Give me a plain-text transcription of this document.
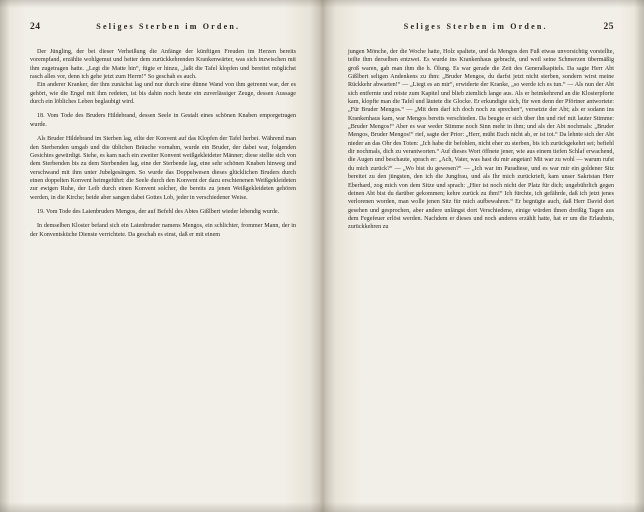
24	Seliges Sterben im Orden.

Der Jüngling, der bei dieser Verheißung die Anfänge der künftigen Freuden im Herzen bereits vorempfand, erzählte wohlgemut und heiter dem zurückkehrenden Krankenwärter, was sich inzwischen mit ihm zugetragen hatte. „Legt die Matte hin“, fügte er hinzu, „laßt die Tafel klopfen und bereitet möglichst rasch alles vor, denn ich gehe jetzt zum Herrn!“ So geschah es auch.

Ein anderer Kranker, der ihm zunächst lag und nur durch eine dünne Wand von ihm getrennt war, der es gehört, wie die Engel mit ihm redeten, ist bis dahin noch heute ein zuverlässiger Zeuge, dessen Aussage durch ein löbliches Leben beglaubigt wird.

18. Vom Tode des Bruders Hildebrand, dessen Seele in Gestalt eines schönen Knaben emporgetragen wurde.

Als Bruder Hildebrand im Sterben lag, eilte der Konvent auf das Klopfen der Tafel herbei. Während man den Sterbenden umgab und die üblichen Bräuche vornahm, wurde ein Bruder, der dabei war, folgenden Gesichtes gewürdigt. Siehe, es kam nach ein zweiter Konvent weißgekleideter Männer; diese stellte sich von dem Sterbenden bis zu dem Sterbenden lag, eine der Sterbende lag, eine sehr schönen Knaben hinweg und verschwand mit ihm unter Jubelgesängen. So wurde das Doppelwesen dieses glücklichen Bruders durch einen doppelten Konvent heimgeführt: die Seele durch den Konvent der dazu erschienenen Weißgekleideten zur ewigen Ruhe, der Leib durch einen Konvent solcher, die bereits zu jenen Weißgekleideten gehören werden, in die Kirche; beide aber sangen dabei Gottes Lob, jeder in verschiedener Weise.

19. Vom Tode des Laienbruders Mengos, der auf Befehl des Abtes Gißlbert wieder lebendig wurde.

In demselben Kloster befand sich ein Laienbruder namens Mengos, ein schlichter, frommer Mann, der in der Konventsküche Dienste verrichtete. Da geschah es einst, daß er mit einem

Seliges Sterben im Orden.	25

jungen Mönche, der die Woche hatte, Holz spaltete, und da Mengos den Fuß etwas unvorsichtig vorstellte, teilte ihm derselben entzwei. Es wurde ins Krankenhaus gebracht, und weil seine Schmerzen übermäßig groß waren, gab man ihm die h. Ölung. Es war gerade die Zeit des Generalkapitels. Da sagte Herr Abt Gißlbert seligen Andenkens zu ihm: „Bruder Mengos, du darfst jetzt nicht sterben, sondern wirst meine Rückkehr abwarten!“ — „Liegt es an mir“, erwiderte der Kranke, „so werde ich es tun.“ — Als nun der Abt sich entfernte und reiste zum Kapitel und blieb ziemlich lange aus. Als er heimkehrend an die Klosterpforte kam, klopfte man die Tafel und läutete die Glocke. Er erkundigte sich, für wen denn der Pförtner antwortete: „Für Bruder Mengos.“ — „Mit dem darf ich doch noch zu sprechen“, versetzte der Abt; als er sodann ins Krankenhaus kam, war Mengos bereits verschieden. Da beugte er sich über ihn und rief mit lauter Stimme: „Bruder Mengos!“ Aber es war weder Stimme noch Sinn mehr in ihm; und als der Abt nochmals: „Bruder Mengos, Bruder Mengos!“ rief, sagte der Prior: „Herr, müht Euch nicht ab, er ist tot.“ Da lehnte sich der Abt nieder an das Ohr des Toten: „Ich habe dir befohlen, nicht eher zu sterben, bis ich zurückgekehrt sei; befiehl dir nochmals, dich zu verantworten.“ Auf dieses Wort öffnete jener, wie aus einem tiefen Schlaf erwachend, die Augen und beschaute, sprach er: „Ach, Vater, was hast du mir angetan! Mit war zu wohl — warum rufst du mich zurück?“ — „Wo bist du gewesen?“ — „Ich war im Paradiese, und es war mir ein goldener Sitz bereitet zu den jüngsten, den ich die Jungfrau, und als Ihr mich zurückrieft, kam unser Sakristan Herr Eberhard, zog mich von dem Sitze und sprach: „Hier ist noch nicht der Platz für dich; ungebührlich gegen deinen Abt bist du darüber gekommen; kehre zurück zu ihm!“ Ich fürchte, ich gefährde, daß ich jetzt jenes verlorenen worden, man wolle jenen Sitz für mich aufbewahren.“ Er begnügte auch, daß Herr David dort gesehen und gesprochen, aber andere unlängst dort Verschiedene, einige würden ihnen dreißig Tagen aus dem Fegefeuer erlöst werden. Nachdem er dieses und noch anderes erzählt hatte, hat er um die Erlaubnis, zurückkehren zu
